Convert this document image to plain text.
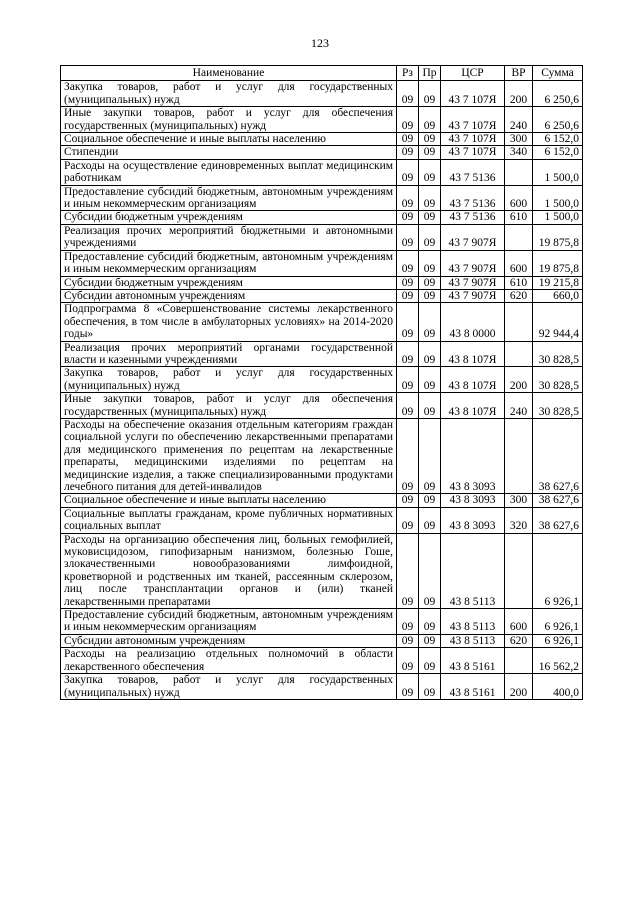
123
Наименование	Рз	Пр	ЦСР	ВР	Сумма
Закупка товаров, работ и услуг для государственных (муниципальных) нужд	09	09	43 7 107Я	200	6 250,6
Иные закупки товаров, работ и услуг для обеспечения государственных (муниципальных) нужд	09	09	43 7 107Я	240	6 250,6
Социальное обеспечение и иные выплаты населению	09	09	43 7 107Я	300	6 152,0
Стипендии	09	09	43 7 107Я	340	6 152,0
Расходы на осуществление единовременных выплат медицинским работникам	09	09	43 7 5136		1 500,0
Предоставление субсидий бюджетным, автономным учреждениям и иным некоммерческим организациям	09	09	43 7 5136	600	1 500,0
Субсидии бюджетным учреждениям	09	09	43 7 5136	610	1 500,0
Реализация прочих мероприятий бюджетными и автономными учреждениями	09	09	43 7 907Я		19 875,8
Предоставление субсидий бюджетным, автономным учреждениям и иным некоммерческим организациям	09	09	43 7 907Я	600	19 875,8
Субсидии бюджетным учреждениям	09	09	43 7 907Я	610	19 215,8
Субсидии автономным учреждениям	09	09	43 7 907Я	620	660,0
Подпрограмма 8 «Совершенствование системы лекарственного обеспечения, в том числе в амбулаторных условиях» на 2014-2020 годы»	09	09	43 8 0000		92 944,4
Реализация прочих мероприятий органами государственной власти и казенными учреждениями	09	09	43 8 107Я		30 828,5
Закупка товаров, работ и услуг для государственных (муниципальных) нужд	09	09	43 8 107Я	200	30 828,5
Иные закупки товаров, работ и услуг для обеспечения государственных (муниципальных) нужд	09	09	43 8 107Я	240	30 828,5
Расходы на обеспечение оказания отдельным категориям граждан социальной услуги по обеспечению лекарственными препаратами для медицинского применения по рецептам на лекарственные препараты, медицинскими изделиями по рецептам на медицинские изделия, а также специализированными продуктами лечебного питания для детей-инвалидов	09	09	43 8 3093		38 627,6
Социальное обеспечение и иные выплаты населению	09	09	43 8 3093	300	38 627,6
Социальные выплаты гражданам, кроме публичных нормативных социальных выплат	09	09	43 8 3093	320	38 627,6
Расходы на организацию обеспечения лиц, больных гемофилией, муковисцидозом, гипофизарным нанизмом, болезнью Гоше, злокачественными новообразованиями лимфоидной, кроветворной и родственных им тканей, рассеянным склерозом, лиц после трансплантации органов и (или) тканей лекарственными препаратами	09	09	43 8 5113		6 926,1
Предоставление субсидий бюджетным, автономным учреждениям и иным некоммерческим организациям	09	09	43 8 5113	600	6 926,1
Субсидии автономным учреждениям	09	09	43 8 5113	620	6 926,1
Расходы на реализацию отдельных полномочий в области лекарственного обеспечения	09	09	43 8 5161		16 562,2
Закупка товаров, работ и услуг для государственных (муниципальных) нужд	09	09	43 8 5161	200	400,0
